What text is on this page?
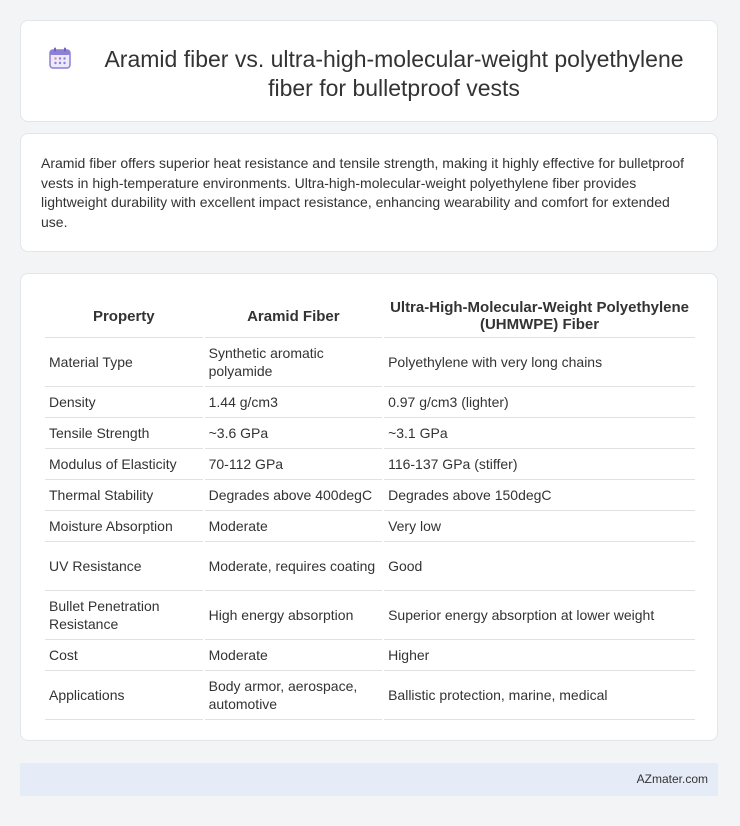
Aramid fiber vs. ultra-high-molecular-weight polyethylene fiber for bulletproof vests

Aramid fiber offers superior heat resistance and tensile strength, making it highly effective for bulletproof vests in high-temperature environments. Ultra-high-molecular-weight polyethylene fiber provides lightweight durability with excellent impact resistance, enhancing wearability and comfort for extended use.

Property	Aramid Fiber	Ultra-High-Molecular-Weight Polyethylene (UHMWPE) Fiber
Material Type	Synthetic aromatic polyamide	Polyethylene with very long chains
Density	1.44 g/cm3	0.97 g/cm3 (lighter)
Tensile Strength	~3.6 GPa	~3.1 GPa
Modulus of Elasticity	70-112 GPa	116-137 GPa (stiffer)
Thermal Stability	Degrades above 400degC	Degrades above 150degC
Moisture Absorption	Moderate	Very low
UV Resistance	Moderate, requires coating	Good
Bullet Penetration Resistance	High energy absorption	Superior energy absorption at lower weight
Cost	Moderate	Higher
Applications	Body armor, aerospace, automotive	Ballistic protection, marine, medical
AZmater.com
